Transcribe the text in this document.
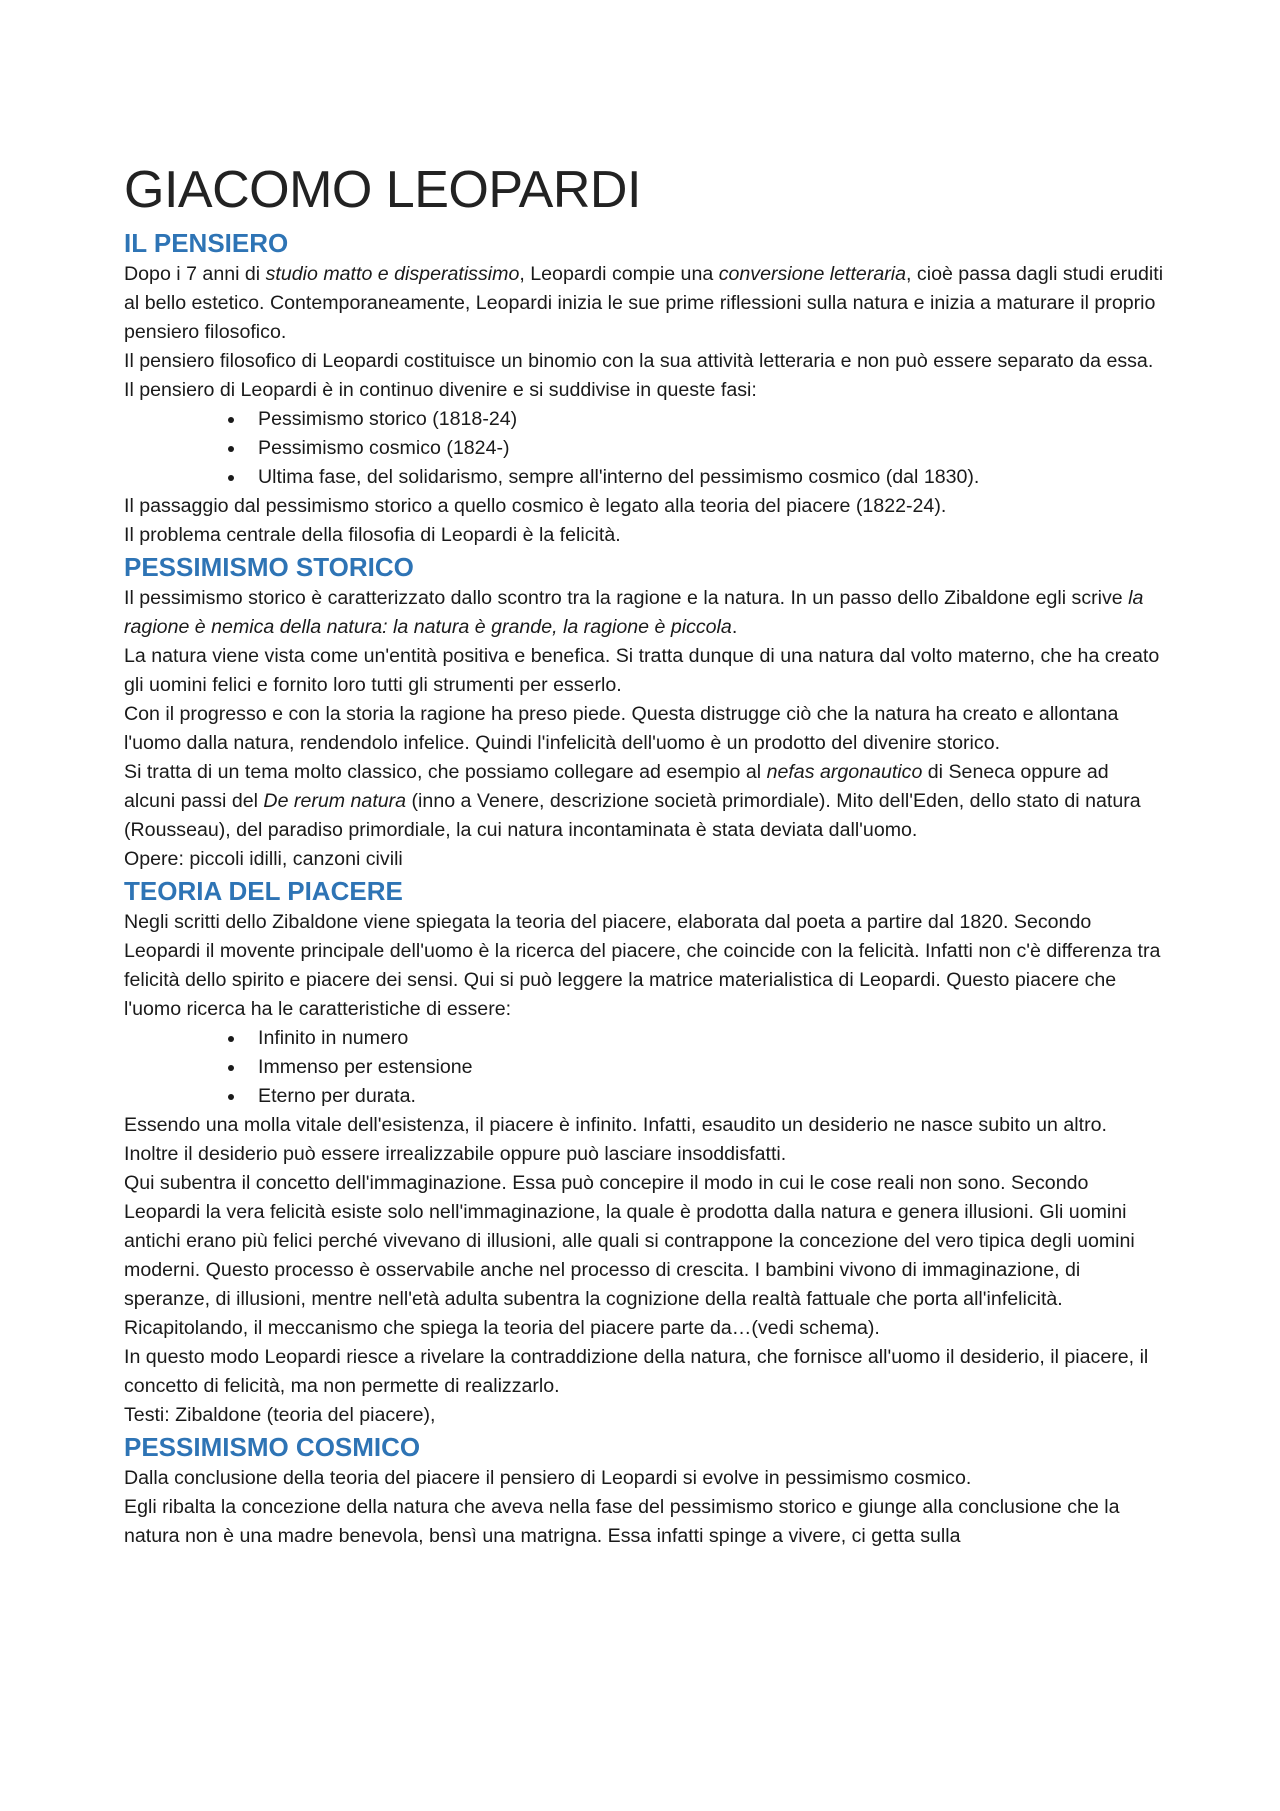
GIACOMO LEOPARDI
IL PENSIERO

Dopo i 7 anni di studio matto e disperatissimo, Leopardi compie una conversione letteraria, cioè passa dagli studi eruditi al bello estetico. Contemporaneamente, Leopardi inizia le sue prime riflessioni sulla natura e inizia a maturare il proprio pensiero filosofico.

Il pensiero filosofico di Leopardi costituisce un binomio con la sua attività letteraria e non può essere separato da essa.

Il pensiero di Leopardi è in continuo divenire e si suddivise in queste fasi:

Pessimismo storico (1818-24)
Pessimismo cosmico (1824-)
Ultima fase, del solidarismo, sempre all'interno del pessimismo cosmico (dal 1830).

Il passaggio dal pessimismo storico a quello cosmico è legato alla teoria del piacere (1822-24).

Il problema centrale della filosofia di Leopardi è la felicità.

PESSIMISMO STORICO

Il pessimismo storico è caratterizzato dallo scontro tra la ragione e la natura. In un passo dello Zibaldone egli scrive la ragione è nemica della natura: la natura è grande, la ragione è piccola.

La natura viene vista come un'entità positiva e benefica. Si tratta dunque di una natura dal volto materno, che ha creato gli uomini felici e fornito loro tutti gli strumenti per esserlo.

Con il progresso e con la storia la ragione ha preso piede. Questa distrugge ciò che la natura ha creato e allontana l'uomo dalla natura, rendendolo infelice. Quindi l'infelicità dell'uomo è un prodotto del divenire storico.

Si tratta di un tema molto classico, che possiamo collegare ad esempio al nefas argonautico di Seneca oppure ad alcuni passi del De rerum natura (inno a Venere, descrizione società primordiale). Mito dell'Eden, dello stato di natura (Rousseau), del paradiso primordiale, la cui natura incontaminata è stata deviata dall'uomo.

Opere: piccoli idilli, canzoni civili

TEORIA DEL PIACERE

Negli scritti dello Zibaldone viene spiegata la teoria del piacere, elaborata dal poeta a partire dal 1820. Secondo Leopardi il movente principale dell'uomo è la ricerca del piacere, che coincide con la felicità. Infatti non c'è differenza tra felicità dello spirito e piacere dei sensi. Qui si può leggere la matrice materialistica di Leopardi. Questo piacere che l'uomo ricerca ha le caratteristiche di essere:

Infinito in numero
Immenso per estensione
Eterno per durata.

Essendo una molla vitale dell'esistenza, il piacere è infinito. Infatti, esaudito un desiderio ne nasce subito un altro. Inoltre il desiderio può essere irrealizzabile oppure può lasciare insoddisfatti.

Qui subentra il concetto dell'immaginazione. Essa può concepire il modo in cui le cose reali non sono. Secondo Leopardi la vera felicità esiste solo nell'immaginazione, la quale è prodotta dalla natura e genera illusioni. Gli uomini antichi erano più felici perché vivevano di illusioni, alle quali si contrappone la concezione del vero tipica degli uomini moderni. Questo processo è osservabile anche nel processo di crescita. I bambini vivono di immaginazione, di speranze, di illusioni, mentre nell'età adulta subentra la cognizione della realtà fattuale che porta all'infelicità.

Ricapitolando, il meccanismo che spiega la teoria del piacere parte da…(vedi schema).

In questo modo Leopardi riesce a rivelare la contraddizione della natura, che fornisce all'uomo il desiderio, il piacere, il concetto di felicità, ma non permette di realizzarlo.

Testi: Zibaldone (teoria del piacere),

PESSIMISMO COSMICO

Dalla conclusione della teoria del piacere il pensiero di Leopardi si evolve in pessimismo cosmico.

Egli ribalta la concezione della natura che aveva nella fase del pessimismo storico e giunge alla conclusione che la natura non è una madre benevola, bensì una matrigna. Essa infatti spinge a vivere, ci getta sulla
